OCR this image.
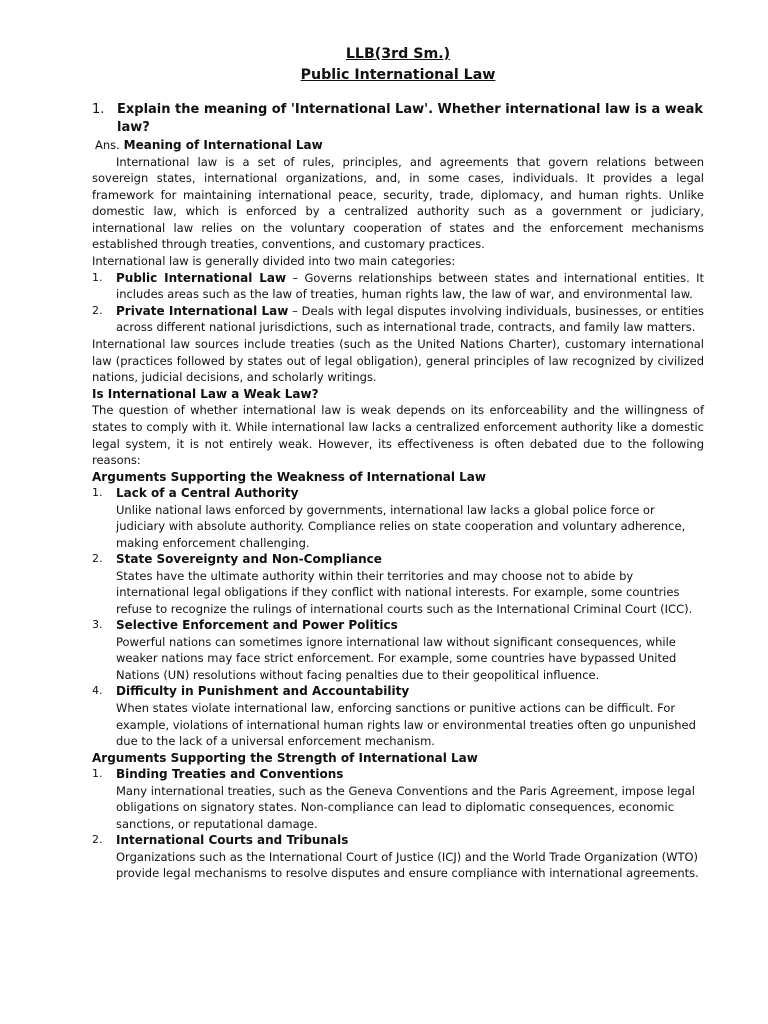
LLB(3rd Sm.)
Public International Law
1. Explain the meaning of 'International Law'. Whether international law is a weak law?
Ans. Meaning of International Law
International law is a set of rules, principles, and agreements that govern relations between sovereign states, international organizations, and, in some cases, individuals. It provides a legal framework for maintaining international peace, security, trade, diplomacy, and human rights. Unlike domestic law, which is enforced by a centralized authority such as a government or judiciary, international law relies on the voluntary cooperation of states and the enforcement mechanisms established through treaties, conventions, and customary practices.
International law is generally divided into two main categories:
1.	Public International Law – Governs relationships between states and international entities. It includes areas such as the law of treaties, human rights law, the law of war, and environmental law.
2.	Private International Law – Deals with legal disputes involving individuals, businesses, or entities across different national jurisdictions, such as international trade, contracts, and family law matters.
International law sources include treaties (such as the United Nations Charter), customary international law (practices followed by states out of legal obligation), general principles of law recognized by civilized nations, judicial decisions, and scholarly writings.
Is International Law a Weak Law?
The question of whether international law is weak depends on its enforceability and the willingness of states to comply with it. While international law lacks a centralized enforcement authority like a domestic legal system, it is not entirely weak. However, its effectiveness is often debated due to the following reasons:
Arguments Supporting the Weakness of International Law
1.	Lack of a Central Authority
Unlike national laws enforced by governments, international law lacks a global police force or judiciary with absolute authority. Compliance relies on state cooperation and voluntary adherence, making enforcement challenging.
2.	State Sovereignty and Non-Compliance
States have the ultimate authority within their territories and may choose not to abide by international legal obligations if they conflict with national interests. For example, some countries refuse to recognize the rulings of international courts such as the International Criminal Court (ICC).
3.	Selective Enforcement and Power Politics
Powerful nations can sometimes ignore international law without significant consequences, while weaker nations may face strict enforcement. For example, some countries have bypassed United Nations (UN) resolutions without facing penalties due to their geopolitical influence.
4.	Difficulty in Punishment and Accountability
When states violate international law, enforcing sanctions or punitive actions can be difficult. For example, violations of international human rights law or environmental treaties often go unpunished due to the lack of a universal enforcement mechanism.
Arguments Supporting the Strength of International Law
1.	Binding Treaties and Conventions
Many international treaties, such as the Geneva Conventions and the Paris Agreement, impose legal obligations on signatory states. Non-compliance can lead to diplomatic consequences, economic sanctions, or reputational damage.
2.	International Courts and Tribunals
Organizations such as the International Court of Justice (ICJ) and the World Trade Organization (WTO) provide legal mechanisms to resolve disputes and ensure compliance with international agreements.
